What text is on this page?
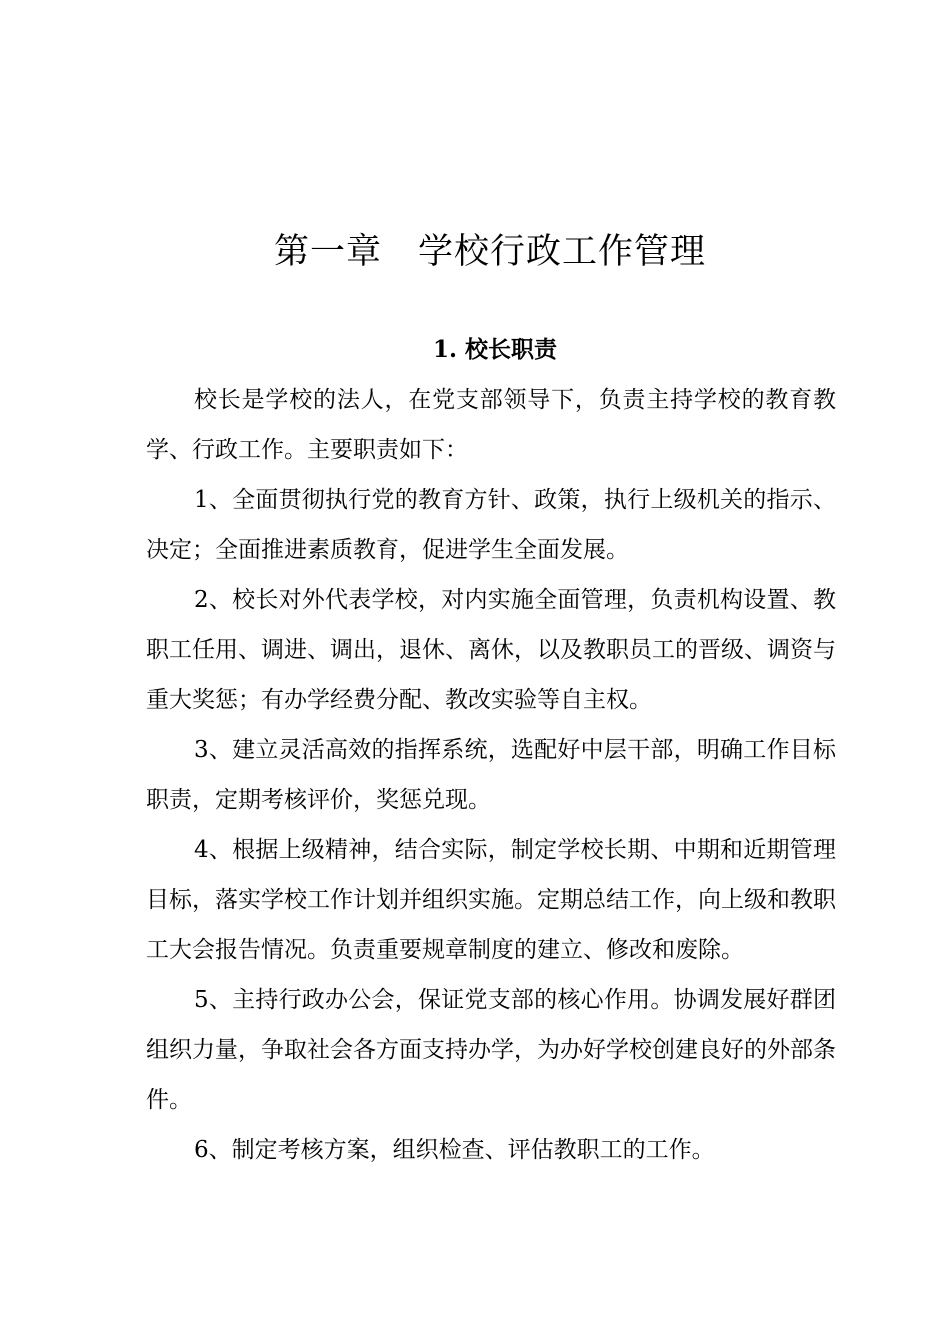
第一章　学校行政工作管理
1. 校长职责

校长是学校的法人，在党支部领导下，负责主持学校的教育教学、行政工作。主要职责如下：

1、全面贯彻执行党的教育方针、政策，执行上级机关的指示、决定；全面推进素质教育，促进学生全面发展。

2、校长对外代表学校，对内实施全面管理，负责机构设置、教职工任用、调进、调出，退休、离休，以及教职员工的晋级、调资与重大奖惩；有办学经费分配、教改实验等自主权。

3、建立灵活高效的指挥系统，选配好中层干部，明确工作目标职责，定期考核评价，奖惩兑现。

4、根据上级精神，结合实际，制定学校长期、中期和近期管理目标，落实学校工作计划并组织实施。定期总结工作，向上级和教职工大会报告情况。负责重要规章制度的建立、修改和废除。

5、主持行政办公会，保证党支部的核心作用。协调发展好群团组织力量，争取社会各方面支持办学，为办好学校创建良好的外部条件。

6、制定考核方案，组织检查、评估教职工的工作。
